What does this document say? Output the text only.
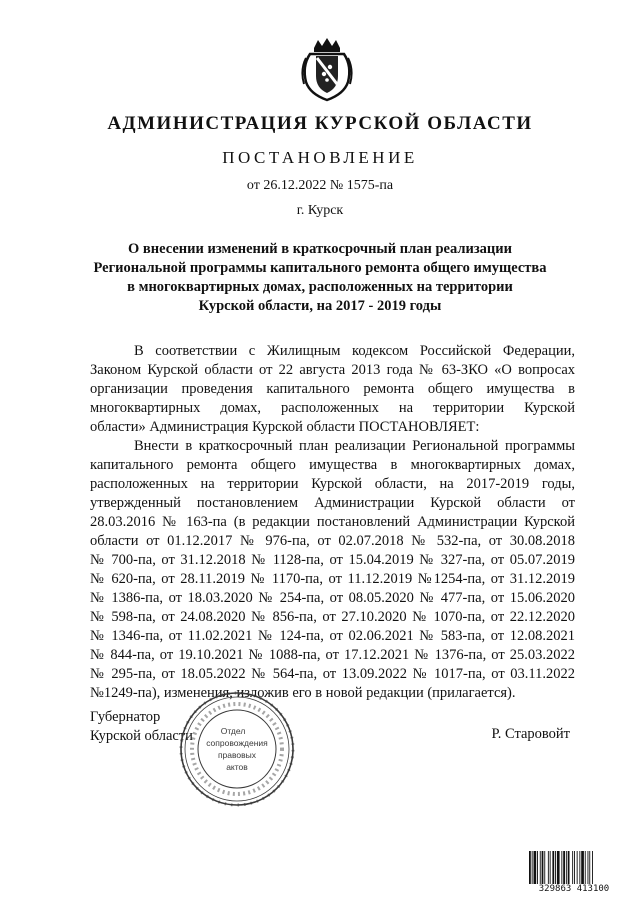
АДМИНИСТРАЦИЯ КУРСКОЙ ОБЛАСТИ
ПОСТАНОВЛЕНИЕ
от 26.12.2022 № 1575-па
г. Курск
О внесении изменений в краткосрочный план реализации
Региональной программы капитального ремонта общего имущества
в многоквартирных домах, расположенных на территории
Курской области, на 2017 - 2019 годы
В соответствии с Жилищным кодексом Российской Федерации,
Законом Курской области от 22 августа 2013 года № 63-ЗКО «О вопросах
организации проведения капитального ремонта общего имущества в
многоквартирных домах, расположенных на территории Курской
области» Администрация Курской области ПОСТАНОВЛЯЕТ:
Внести в краткосрочный план реализации Региональной программы
капитального ремонта общего имущества в многоквартирных домах,
расположенных на территории Курской области, на 2017-2019 годы,
утвержденный постановлением Администрации Курской области от
28.03.2016 № 163-па (в редакции постановлений Администрации Курской
области от 01.12.2017 № 976-па, от 02.07.2018 № 532-па, от 30.08.2018
№ 700-па, от 31.12.2018 № 1128-па, от 15.04.2019 № 327-па, от 05.07.2019
№ 620-па, от 28.11.2019 № 1170-па, от 11.12.2019 №1254-па, от 31.12.2019
№ 1386-па, от 18.03.2020 № 254-па, от 08.05.2020 № 477-па, от 15.06.2020
№ 598-па, от 24.08.2020 № 856-па, от 27.10.2020 № 1070-па, от 22.12.2020
№ 1346-па, от 11.02.2021 № 124-па, от 02.06.2021 № 583-па, от 12.08.2021
№ 844-па, от 19.10.2021 № 1088-па, от 17.12.2021 № 1376-па, от 25.03.2022
№ 295-па, от 18.05.2022 № 564-па, от 13.09.2022 № 1017-па, от 03.11.2022
№1249-па), изменения, изложив его в новой редакции (прилагается).
Губернатор
Курской области	Р. Старовойт
Отдел
сопровождения
правовых
актов
329863 413100
